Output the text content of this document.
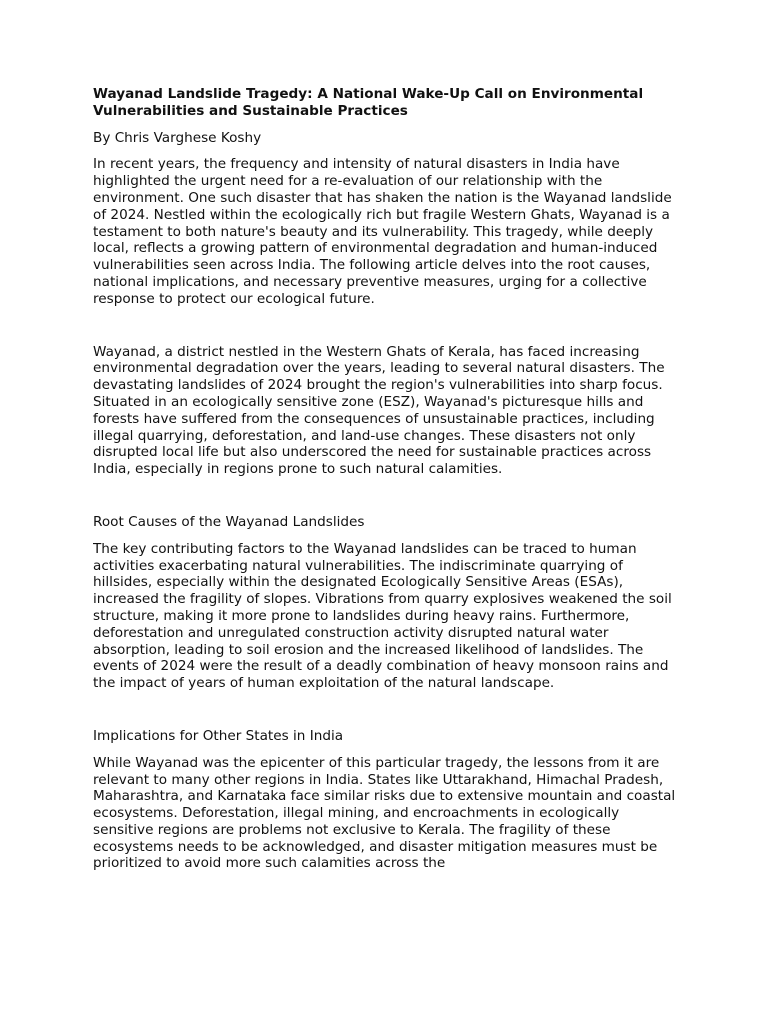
Wayanad Landslide Tragedy: A National Wake-Up Call on Environmental Vulnerabilities and Sustainable Practices
By Chris Varghese Koshy

In recent years, the frequency and intensity of natural disasters in India have highlighted the urgent need for a re-evaluation of our relationship with the environment. One such disaster that has shaken the nation is the Wayanad landslide of 2024. Nestled within the ecologically rich but fragile Western Ghats, Wayanad is a testament to both nature's beauty and its vulnerability. This tragedy, while deeply local, reflects a growing pattern of environmental degradation and human-induced vulnerabilities seen across India. The following article delves into the root causes, national implications, and necessary preventive measures, urging for a collective response to protect our ecological future.

Wayanad, a district nestled in the Western Ghats of Kerala, has faced increasing environmental degradation over the years, leading to several natural disasters. The devastating landslides of 2024 brought the region's vulnerabilities into sharp focus. Situated in an ecologically sensitive zone (ESZ), Wayanad's picturesque hills and forests have suffered from the consequences of unsustainable practices, including illegal quarrying, deforestation, and land-use changes. These disasters not only disrupted local life but also underscored the need for sustainable practices across India, especially in regions prone to such natural calamities.

Root Causes of the Wayanad Landslides

The key contributing factors to the Wayanad landslides can be traced to human activities exacerbating natural vulnerabilities. The indiscriminate quarrying of hillsides, especially within the designated Ecologically Sensitive Areas (ESAs), increased the fragility of slopes. Vibrations from quarry explosives weakened the soil structure, making it more prone to landslides during heavy rains. Furthermore, deforestation and unregulated construction activity disrupted natural water absorption, leading to soil erosion and the increased likelihood of landslides. The events of 2024 were the result of a deadly combination of heavy monsoon rains and the impact of years of human exploitation of the natural landscape.

Implications for Other States in India

While Wayanad was the epicenter of this particular tragedy, the lessons from it are relevant to many other regions in India. States like Uttarakhand, Himachal Pradesh, Maharashtra, and Karnataka face similar risks due to extensive mountain and coastal ecosystems. Deforestation, illegal mining, and encroachments in ecologically sensitive regions are problems not exclusive to Kerala. The fragility of these ecosystems needs to be acknowledged, and disaster mitigation measures must be prioritized to avoid more such calamities across the
